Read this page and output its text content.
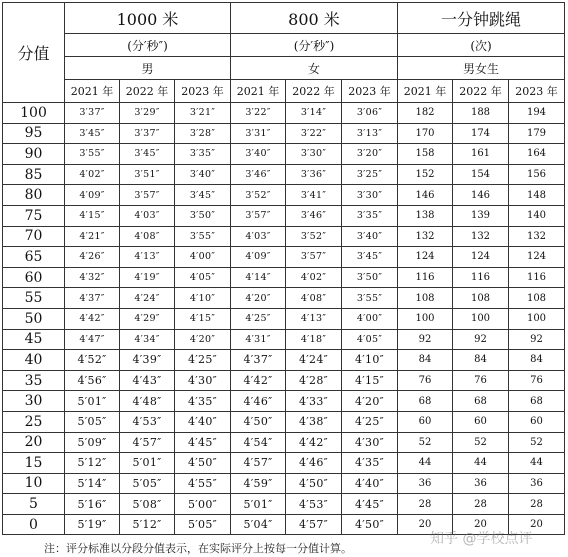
分值	1000 米			800 米			一分钟跳绳		
	(分′秒″)			(分′秒″)			(次)		
	男			女			男女生		
	2021 年	2022 年	2023 年	2021 年	2022 年	2023 年	2021 年	2022 年	2023 年
100	3′37″	3′29″	3′21″	3′22″	3′14″	3′06″	182	188	194
95	3′45″	3′37″	3′28″	3′31″	3′22″	3′13″	170	174	179
90	3′55″	3′45″	3′35″	3′40″	3′30″	3′20″	158	161	164
85	4′02″	3′51″	3′40″	3′46″	3′36″	3′25″	152	154	156
80	4′09″	3′57″	3′45″	3′52″	3′41″	3′30″	146	146	148
75	4′15″	4′03″	3′50″	3′57″	3′46″	3′35″	138	139	140
70	4′21″	4′08″	3′55″	4′03″	3′52″	3′40″	132	132	132
65	4′26″	4′13″	4′00″	4′09″	3′57″	3′45″	124	124	124
60	4′32″	4′19″	4′05″	4′14″	4′02″	3′50″	116	116	116
55	4′37″	4′24″	4′10″	4′20″	4′08″	3′55″	108	108	108
50	4′42″	4′29″	4′15″	4′25″	4′13″	4′00″	100	100	100
45	4′47″	4′34″	4′20″	4′31″	4′18″	4′05″	92	92	92
40	4′52″	4′39″	4′25″	4′37″	4′24″	4′10″	84	84	84
35	4′56″	4′43″	4′30″	4′42″	4′28″	4′15″	76	76	76
30	5′01″	4′48″	4′35″	4′46″	4′33″	4′20″	68	68	68
25	5′05″	4′53″	4′40″	4′50″	4′38″	4′25″	60	60	60
20	5′09″	4′57″	4′45″	4′54″	4′42″	4′30″	52	52	52
15	5′12″	5′01″	4′50″	4′57″	4′46″	4′35″	44	44	44
10	5′14″	5′05″	4′55″	4′59″	4′50″	4′40″	36	36	36
5	5′16″	5′08″	5′00″	5′01″	4′53″	4′45″	28	28	28
0	5′19″	5′12″	5′05″	5′04″	4′57″	4′50″	20	20	20
注：评分标准以分段分值表示，在实际评分上按每一分值计算。
知乎 @学校点评
